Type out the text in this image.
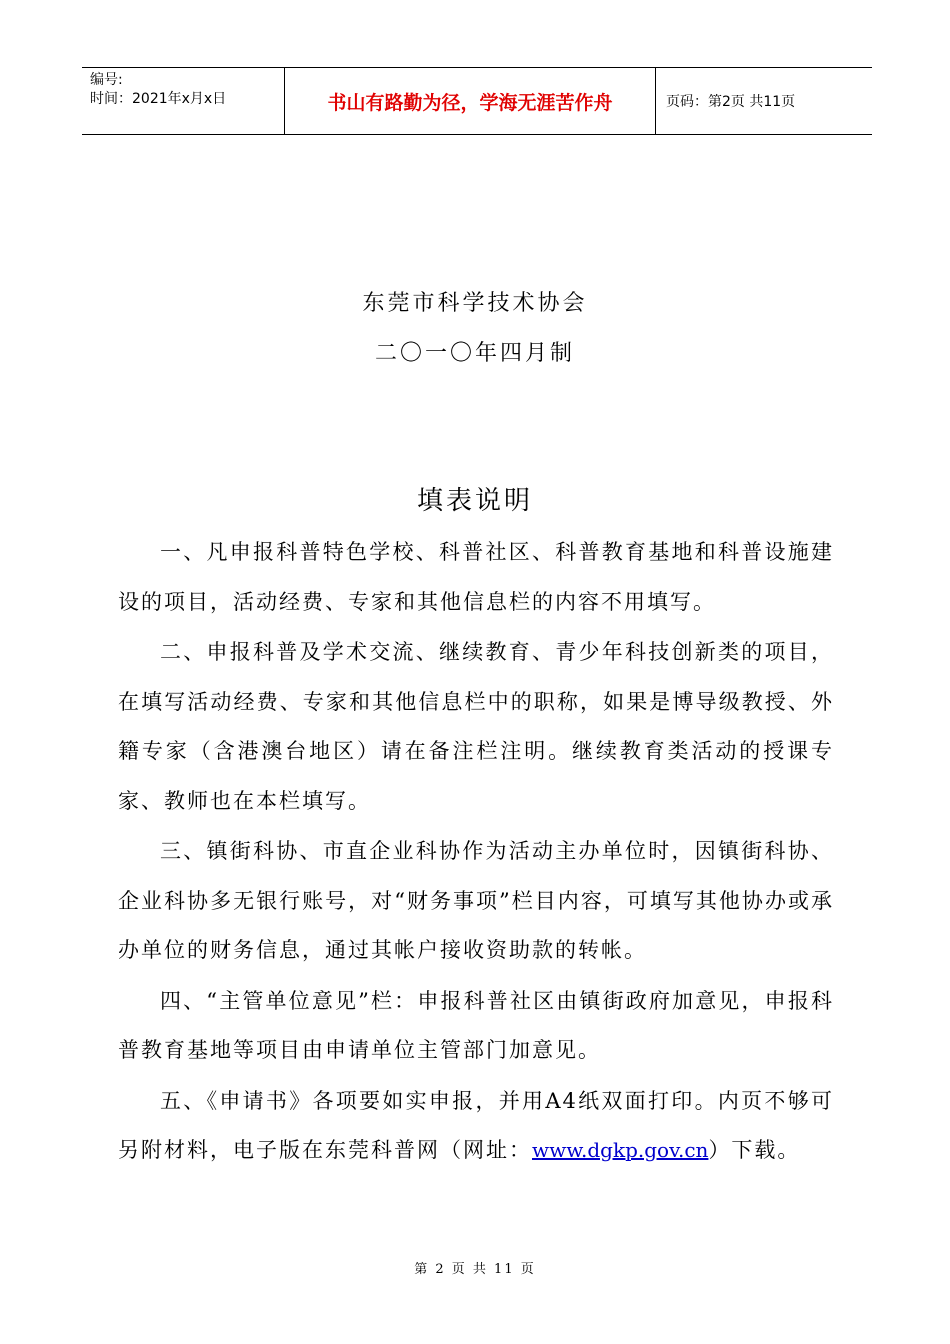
编号:
时间：2021年x月x日	书山有路勤为径，学海无涯苦作舟	页码：第2页 共11页
东莞市科学技术协会
二〇一〇年四月制
填表说明

一、凡申报科普特色学校、科普社区、科普教育基地和科普设施建设的项目，活动经费、专家和其他信息栏的内容不用填写。

二、申报科普及学术交流、继续教育、青少年科技创新类的项目，在填写活动经费、专家和其他信息栏中的职称，如果是博导级教授、外籍专家（含港澳台地区）请在备注栏注明。继续教育类活动的授课专家、教师也在本栏填写。

三、镇街科协、市直企业科协作为活动主办单位时，因镇街科协、企业科协多无银行账号，对“财务事项”栏目内容，可填写其他协办或承办单位的财务信息，通过其帐户接收资助款的转帐。

四、“主管单位意见”栏：申报科普社区由镇街政府加意见，申报科普教育基地等项目由申请单位主管部门加意见。

五、《申请书》各项要如实申报，并用A4纸双面打印。内页不够可另附材料，电子版在东莞科普网（网址：www.dgkp.gov.cn）下载。

第 2 页 共 11 页
